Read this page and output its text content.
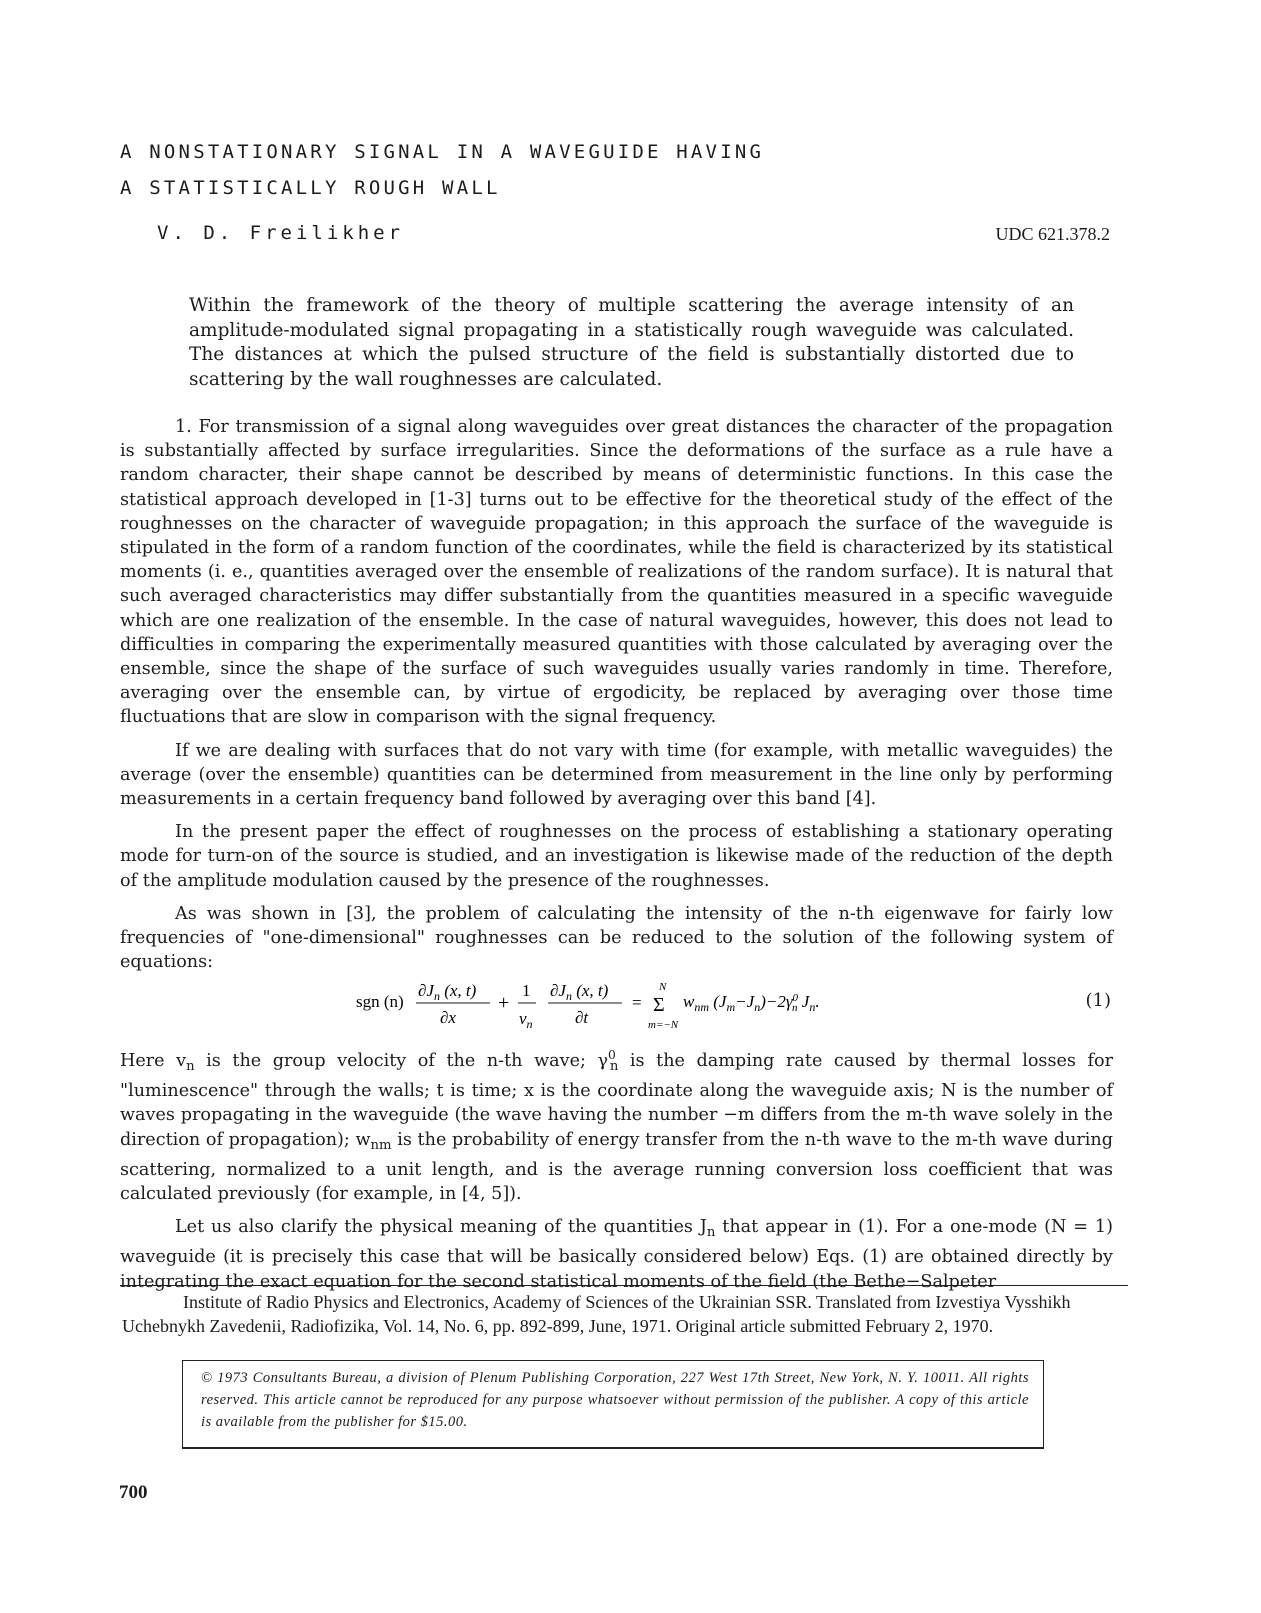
A NONSTATIONARY SIGNAL IN A WAVEGUIDE HAVING
A STATISTICALLY ROUGH WALL
V. D. Freilikher	UDC 621.378.2
Within the framework of the theory of multiple scattering the average intensity of an amplitude-modulated signal propagating in a statistically rough waveguide was calculated. The distances at which the pulsed structure of the field is substantially distorted due to scattering by the wall roughnesses are calculated.

1. For transmission of a signal along waveguides over great distances the character of the propagation is substantially affected by surface irregularities. Since the deformations of the surface as a rule have a random character, their shape cannot be described by means of deterministic functions. In this case the statistical approach developed in [1-3] turns out to be effective for the theoretical study of the effect of the roughnesses on the character of waveguide propagation; in this approach the surface of the waveguide is stipulated in the form of a random function of the coordinates, while the field is characterized by its statistical moments (i. e., quantities averaged over the ensemble of realizations of the random surface). It is natural that such averaged characteristics may differ substantially from the quantities measured in a specific waveguide which are one realization of the ensemble. In the case of natural waveguides, however, this does not lead to difficulties in comparing the experimentally measured quantities with those calculated by averaging over the ensemble, since the shape of the surface of such waveguides usually varies randomly in time. Therefore, averaging over the ensemble can, by virtue of ergodicity, be replaced by averaging over those time fluctuations that are slow in comparison with the signal frequency.

If we are dealing with surfaces that do not vary with time (for example, with metallic waveguides) the average (over the ensemble) quantities can be determined from measurement in the line only by performing measurements in a certain frequency band followed by averaging over this band [4].

In the present paper the effect of roughnesses on the process of establishing a stationary operating mode for turn-on of the source is studied, and an investigation is likewise made of the reduction of the depth of the amplitude modulation caused by the presence of the roughnesses.

As was shown in [3], the problem of calculating the intensity of the n-th eigenwave for fairly low frequencies of "one-dimensional" roughnesses can be reduced to the solution of the following system of equations:

sgn (n)
$\partial J_n$ (x, t)
∂x
+
1
$v_n$
$\partial J_n$ (x, t)
∂t
=
N
Σ
m=−N
$w_{nm}$ $(J_m-J_n)-2\gamma^0$ n $J_n$.	(1)

Here $v_n$ is the group velocity of the n-th wave; $\gamma^0_n$ is the damping rate caused by thermal losses for "luminescence" through the walls; t is time; x is the coordinate along the waveguide axis; N is the number of waves propagating in the waveguide (the wave having the number −m differs from the m-th wave solely in the direction of propagation); $w_{nm}$ is the probability of energy transfer from the n-th wave to the m-th wave during scattering, normalized to a unit length, and is the average running conversion loss coefficient that was calculated previously (for example, in [4, 5]).

Let us also clarify the physical meaning of the quantities $J_n$ that appear in (1). For a one-mode (N = 1) waveguide (it is precisely this case that will be basically considered below) Eqs. (1) are obtained directly by integrating the exact equation for the second statistical moments of the field (the Bethe−Salpeter

Institute of Radio Physics and Electronics, Academy of Sciences of the Ukrainian SSR. Translated from Izvestiya Vysshikh Uchebnykh Zavedenii, Radiofizika, Vol. 14, No. 6, pp. 892-899, June, 1971. Original article submitted February 2, 1970.

© 1973 Consultants Bureau, a division of Plenum Publishing Corporation, 227 West 17th Street, New York, N. Y. 10011. All rights reserved. This article cannot be reproduced for any purpose whatsoever without permission of the publisher. A copy of this article is available from the publisher for $15.00.
700
